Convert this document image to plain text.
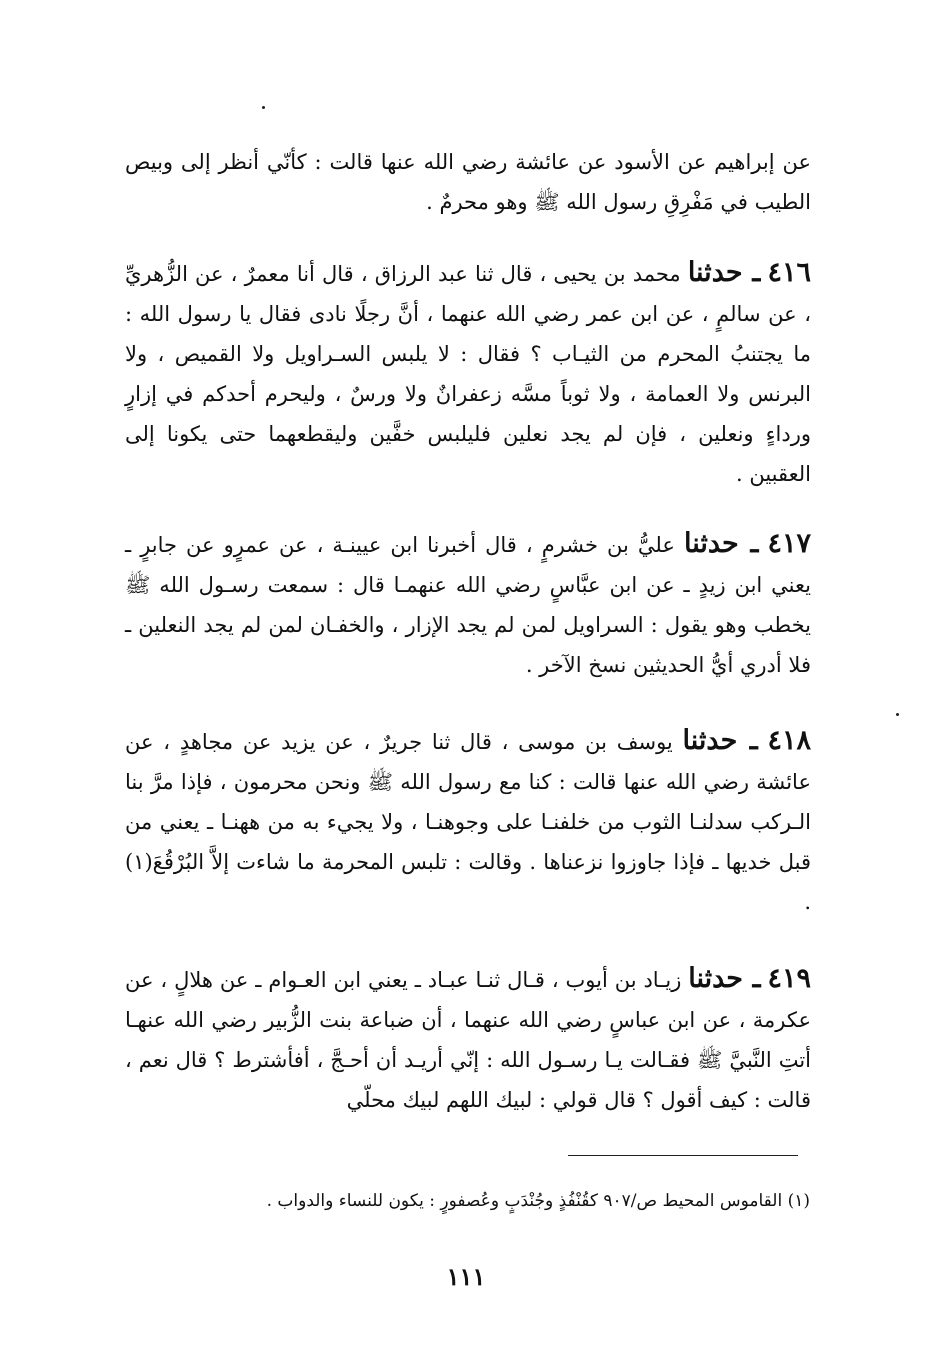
عن إبراهيم عن الأسود عن عائشة رضي الله عنها قالت : كأنّي أنظر إلى وبيص الطيب في مَفْرِقِ رسول الله ﷺ وهو محرمٌ .

٤١٦ ـ حدثنا محمد بن يحيى ، قال ثنا عبد الرزاق ، قال أنا معمرٌ ، عن الزُّهريِّ ، عن سالمٍ ، عن ابن عمر رضي الله عنهما ، أنَّ رجلًا نادى فقال يا رسول الله : ما يجتنبُ المحرم من الثيـاب ؟ فقال : لا يلبس السـراويل ولا القميص ، ولا البرنس ولا العمامة ، ولا ثوباً مسَّه زعفرانٌ ولا ورسٌ ، وليحرم أحدكم في إزارٍ ورداءٍ ونعلين ، فإن لم يجد نعلين فليلبس خفَّين وليقطعهما حتى يكونا إلى العقبين .

٤١٧ ـ حدثنا عليُّ بن خشرمٍ ، قال أخبرنا ابن عيينـة ، عن عمرٍو عن جابرٍ ـ يعني ابن زيدٍ ـ عن ابن عبَّاسٍ رضي الله عنهمـا قال : سمعت رسـول الله ﷺ يخطب وهو يقول : السراويل لمن لم يجد الإزار ، والخفـان لمن لم يجد النعلين ـ فلا أدري أيُّ الحديثين نسخ الآخر .

٤١٨ ـ حدثنا يوسف بن موسى ، قال ثنا جريرٌ ، عن يزيد عن مجاهدٍ ، عن عائشة رضي الله عنها قالت : كنا مع رسول الله ﷺ ونحن محرمون ، فإذا مرَّ بنا الـركب سدلنـا الثوب من خلفنـا على وجوهنـا ، ولا يجيء به من ههنـا ـ يعني من قبل خديها ـ فإذا جاوزوا نزعناها . وقالت : تلبس المحرمة ما شاءت إلاَّ البُرْقُعَ(١) .

٤١٩ ـ حدثنا زيـاد بن أيوب ، قـال ثنـا عبـاد ـ يعني ابن العـوام ـ عن هلالٍ ، عن عكرمة ، عن ابن عباسٍ رضي الله عنهما ، أن ضباعة بنت الزُّبير رضي الله عنهـا أتتِ النَّبيَّ ﷺ فقـالت يـا رسـول الله : إنّي أريـد أن أحـجَّ ، أفأشترط ؟ قال نعم ، قالت : كيف أقول ؟ قال قولي : لبيك اللهم لبيك محلّي

(١) القاموس المحيط ص/٩٠٧ كقُنْفُذٍ وجُنْدَبٍ وعُصفورٍ : يكون للنساء والدواب .

١١١
